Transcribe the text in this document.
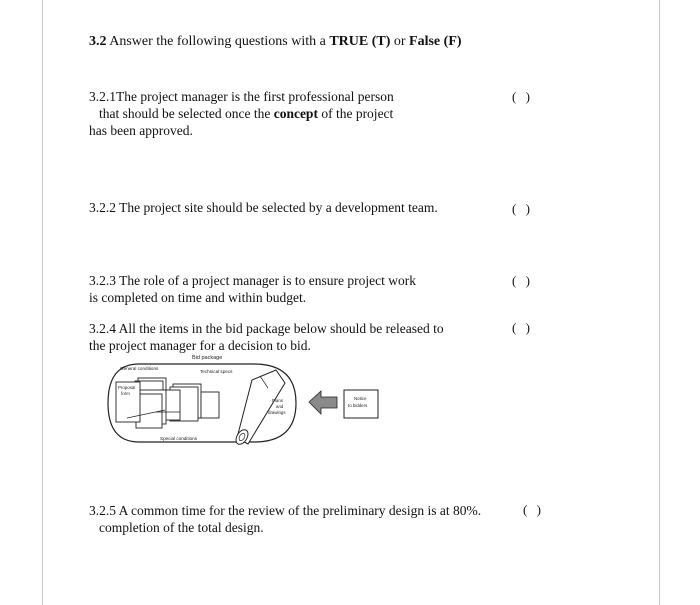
3.2 Answer the following questions with a TRUE (T) or False (F)
3.2.1The project manager is the first professional person
that should be selected once the concept of the project
has been approved.
( )
3.2.2 The project site should be selected by a development team.	( )
3.2.3 The role of a project manager is to ensure project work
is completed on time and within budget.
( )
3.2.4 All the items in the bid package below should be released to
the project manager for a decision to bid.
( )
Bid package
General conditions
Technical specs
Proposal
form
Special conditions
Plans
and
drawings
Notice
to bidders
3.2.5 A common time for the review of the preliminary design is at 80%.
completion of the total design.
( )
